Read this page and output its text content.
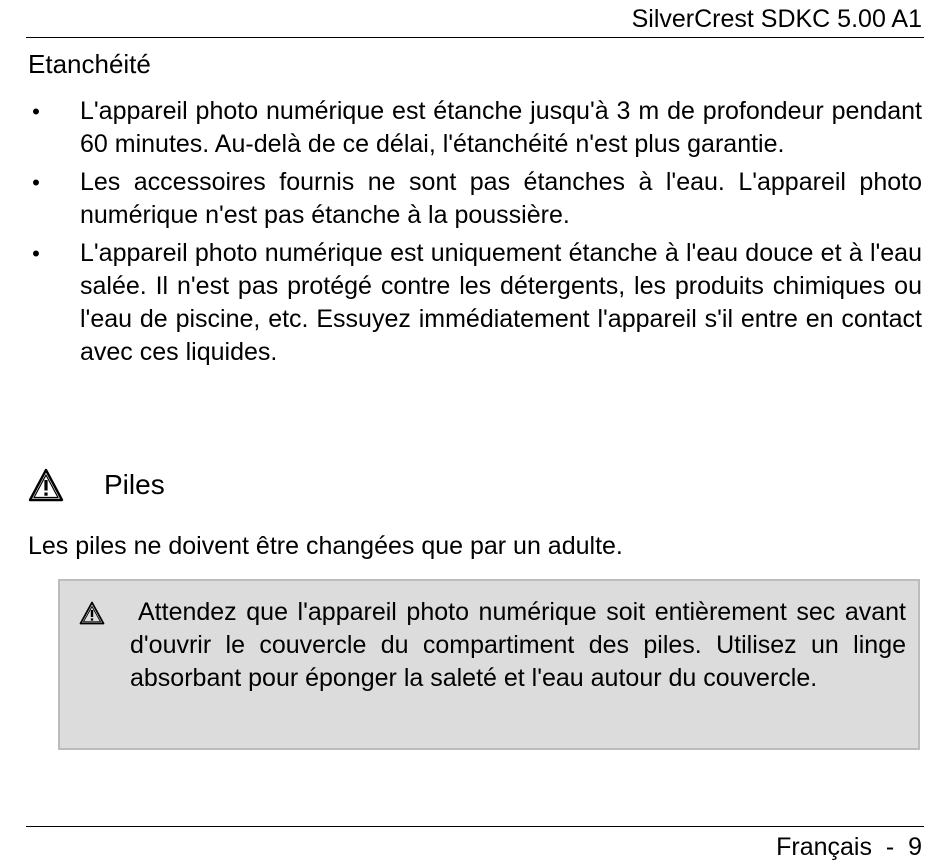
SilverCrest SDKC 5.00 A1
Etanchéité
• L'appareil photo numérique est étanche jusqu'à 3 m de profondeur pendant 60 minutes. Au-delà de ce délai, l'étanchéité n'est plus garantie.
• Les accessoires fournis ne sont pas étanches à l'eau. L'appareil photo numérique n'est pas étanche à la poussière.
• L'appareil photo numérique est uniquement étanche à l'eau douce et à l'eau salée. Il n'est pas protégé contre les détergents, les produits chimiques ou l'eau de piscine, etc. Essuyez immédiatement l'appareil s'il entre en contact avec ces liquides.
Piles
Les piles ne doivent être changées que par un adulte.
Attendez que l'appareil photo numérique soit entièrement sec avant d'ouvrir le couvercle du compartiment des piles. Utilisez un linge absorbant pour éponger la saleté et l'eau autour du couvercle.
Français  -  9
